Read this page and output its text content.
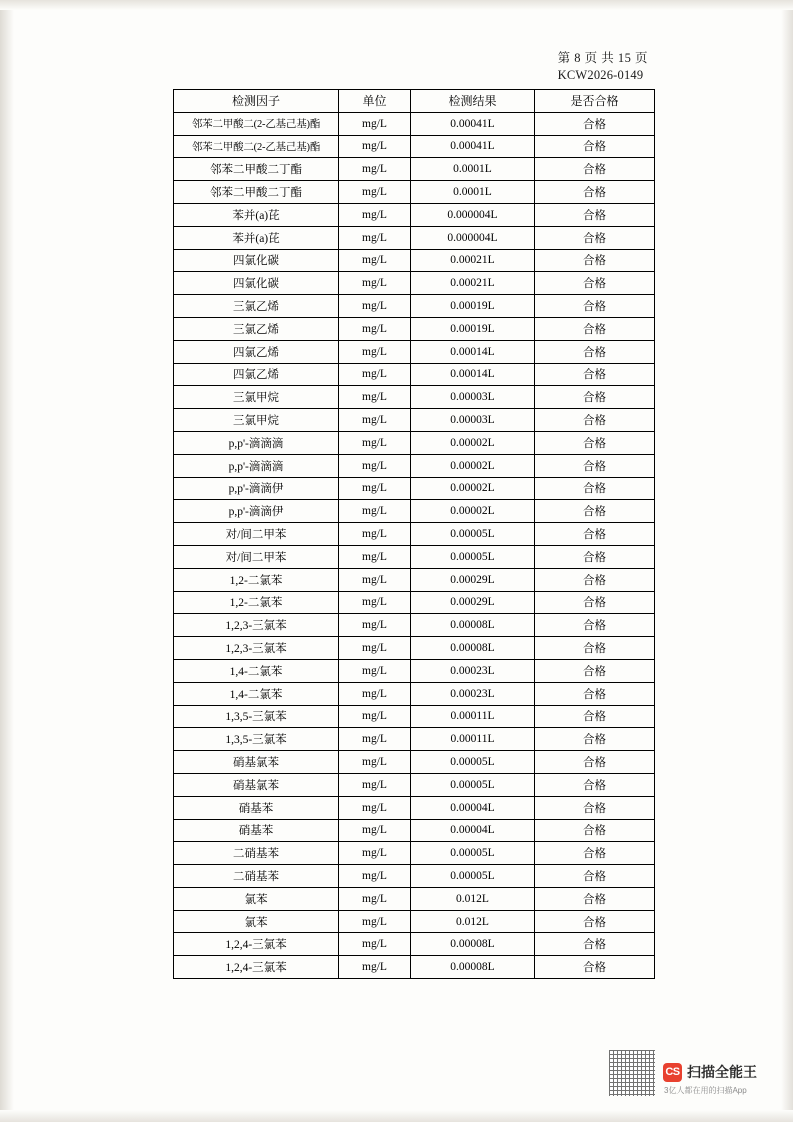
第 8 页 共 15 页
KCW2026-0149
检测因子	单位	检测结果	是否合格
邻苯二甲酸二(2-乙基己基)酯	mg/L	0.00041L	合格
邻苯二甲酸二(2-乙基己基)酯	mg/L	0.00041L	合格
邻苯二甲酸二丁酯	mg/L	0.0001L	合格
邻苯二甲酸二丁酯	mg/L	0.0001L	合格
苯并(a)芘	mg/L	0.000004L	合格
苯并(a)芘	mg/L	0.000004L	合格
四氯化碳	mg/L	0.00021L	合格
四氯化碳	mg/L	0.00021L	合格
三氯乙烯	mg/L	0.00019L	合格
三氯乙烯	mg/L	0.00019L	合格
四氯乙烯	mg/L	0.00014L	合格
四氯乙烯	mg/L	0.00014L	合格
三氯甲烷	mg/L	0.00003L	合格
三氯甲烷	mg/L	0.00003L	合格
p,p'-滴滴滴	mg/L	0.00002L	合格
p,p'-滴滴滴	mg/L	0.00002L	合格
p,p'-滴滴伊	mg/L	0.00002L	合格
p,p'-滴滴伊	mg/L	0.00002L	合格
对/间二甲苯	mg/L	0.00005L	合格
对/间二甲苯	mg/L	0.00005L	合格
1,2-二氯苯	mg/L	0.00029L	合格
1,2-二氯苯	mg/L	0.00029L	合格
1,2,3-三氯苯	mg/L	0.00008L	合格
1,2,3-三氯苯	mg/L	0.00008L	合格
1,4-二氯苯	mg/L	0.00023L	合格
1,4-二氯苯	mg/L	0.00023L	合格
1,3,5-三氯苯	mg/L	0.00011L	合格
1,3,5-三氯苯	mg/L	0.00011L	合格
硝基氯苯	mg/L	0.00005L	合格
硝基氯苯	mg/L	0.00005L	合格
硝基苯	mg/L	0.00004L	合格
硝基苯	mg/L	0.00004L	合格
二硝基苯	mg/L	0.00005L	合格
二硝基苯	mg/L	0.00005L	合格
氯苯	mg/L	0.012L	合格
氯苯	mg/L	0.012L	合格
1,2,4-三氯苯	mg/L	0.00008L	合格
1,2,4-三氯苯	mg/L	0.00008L	合格
CS 扫描全能王
3亿人都在用的扫描App
